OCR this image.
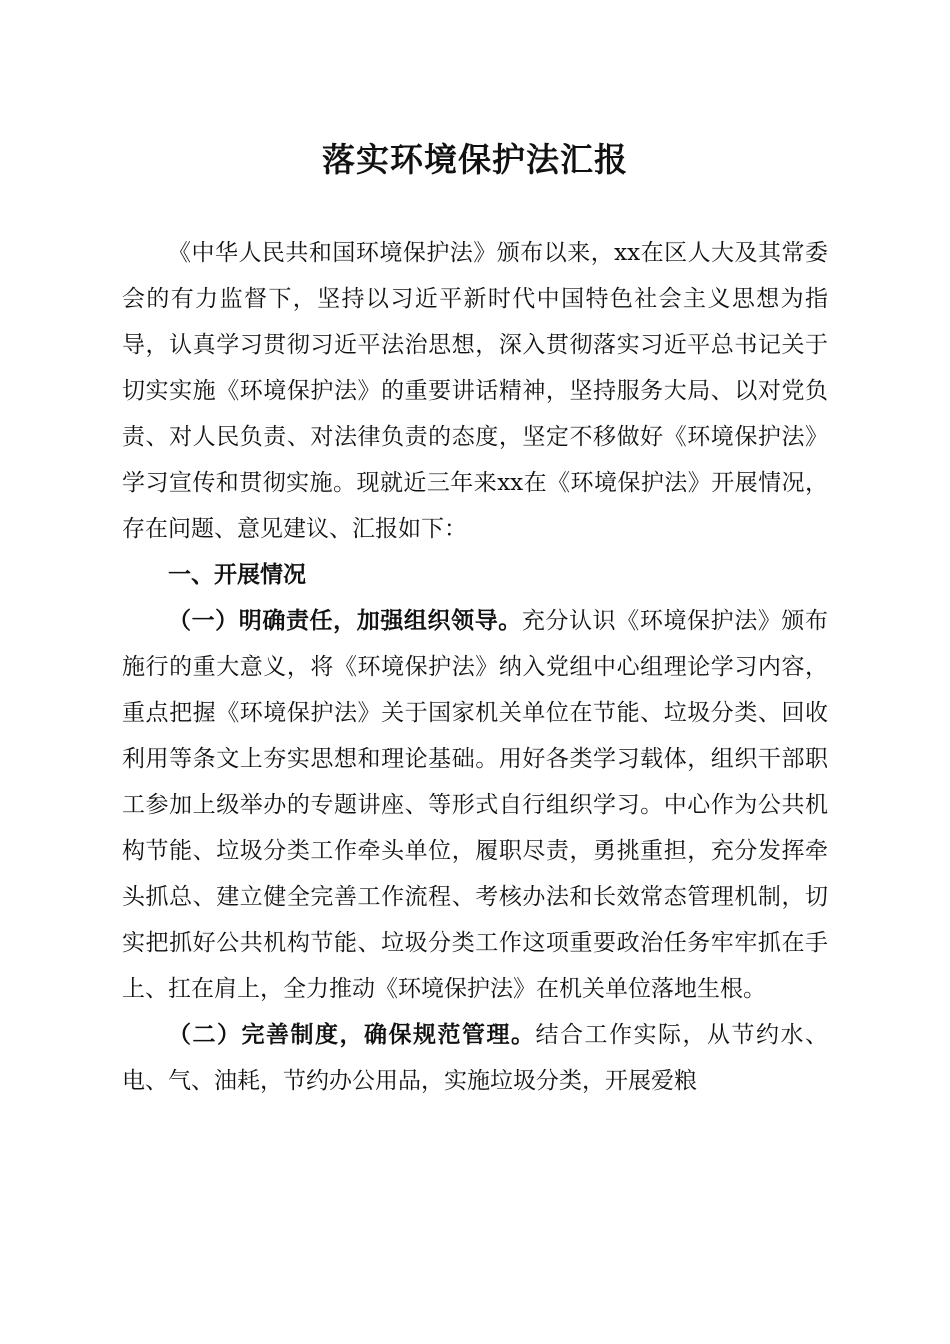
落实环境保护法汇报

《中华人民共和国环境保护法》颁布以来，xx在区人大及其常委会的有力监督下，坚持以习近平新时代中国特色社会主义思想为指导，认真学习贯彻习近平法治思想，深入贯彻落实习近平总书记关于切实实施《环境保护法》的重要讲话精神，坚持服务大局、以对党负责、对人民负责、对法律负责的态度，坚定不移做好《环境保护法》学习宣传和贯彻实施。现就近三年来xx在《环境保护法》开展情况，存在问题、意见建议、汇报如下：

一、开展情况

（一）明确责任，加强组织领导。充分认识《环境保护法》颁布施行的重大意义，将《环境保护法》纳入党组中心组理论学习内容，重点把握《环境保护法》关于国家机关单位在节能、垃圾分类、回收利用等条文上夯实思想和理论基础。用好各类学习载体，组织干部职工参加上级举办的专题讲座、等形式自行组织学习。中心作为公共机构节能、垃圾分类工作牵头单位，履职尽责，勇挑重担，充分发挥牵头抓总、建立健全完善工作流程、考核办法和长效常态管理机制，切实把抓好公共机构节能、垃圾分类工作这项重要政治任务牢牢抓在手上、扛在肩上，全力推动《环境保护法》在机关单位落地生根。

（二）完善制度，确保规范管理。结合工作实际，从节约水、电、气、油耗，节约办公用品，实施垃圾分类，开展爱粮
